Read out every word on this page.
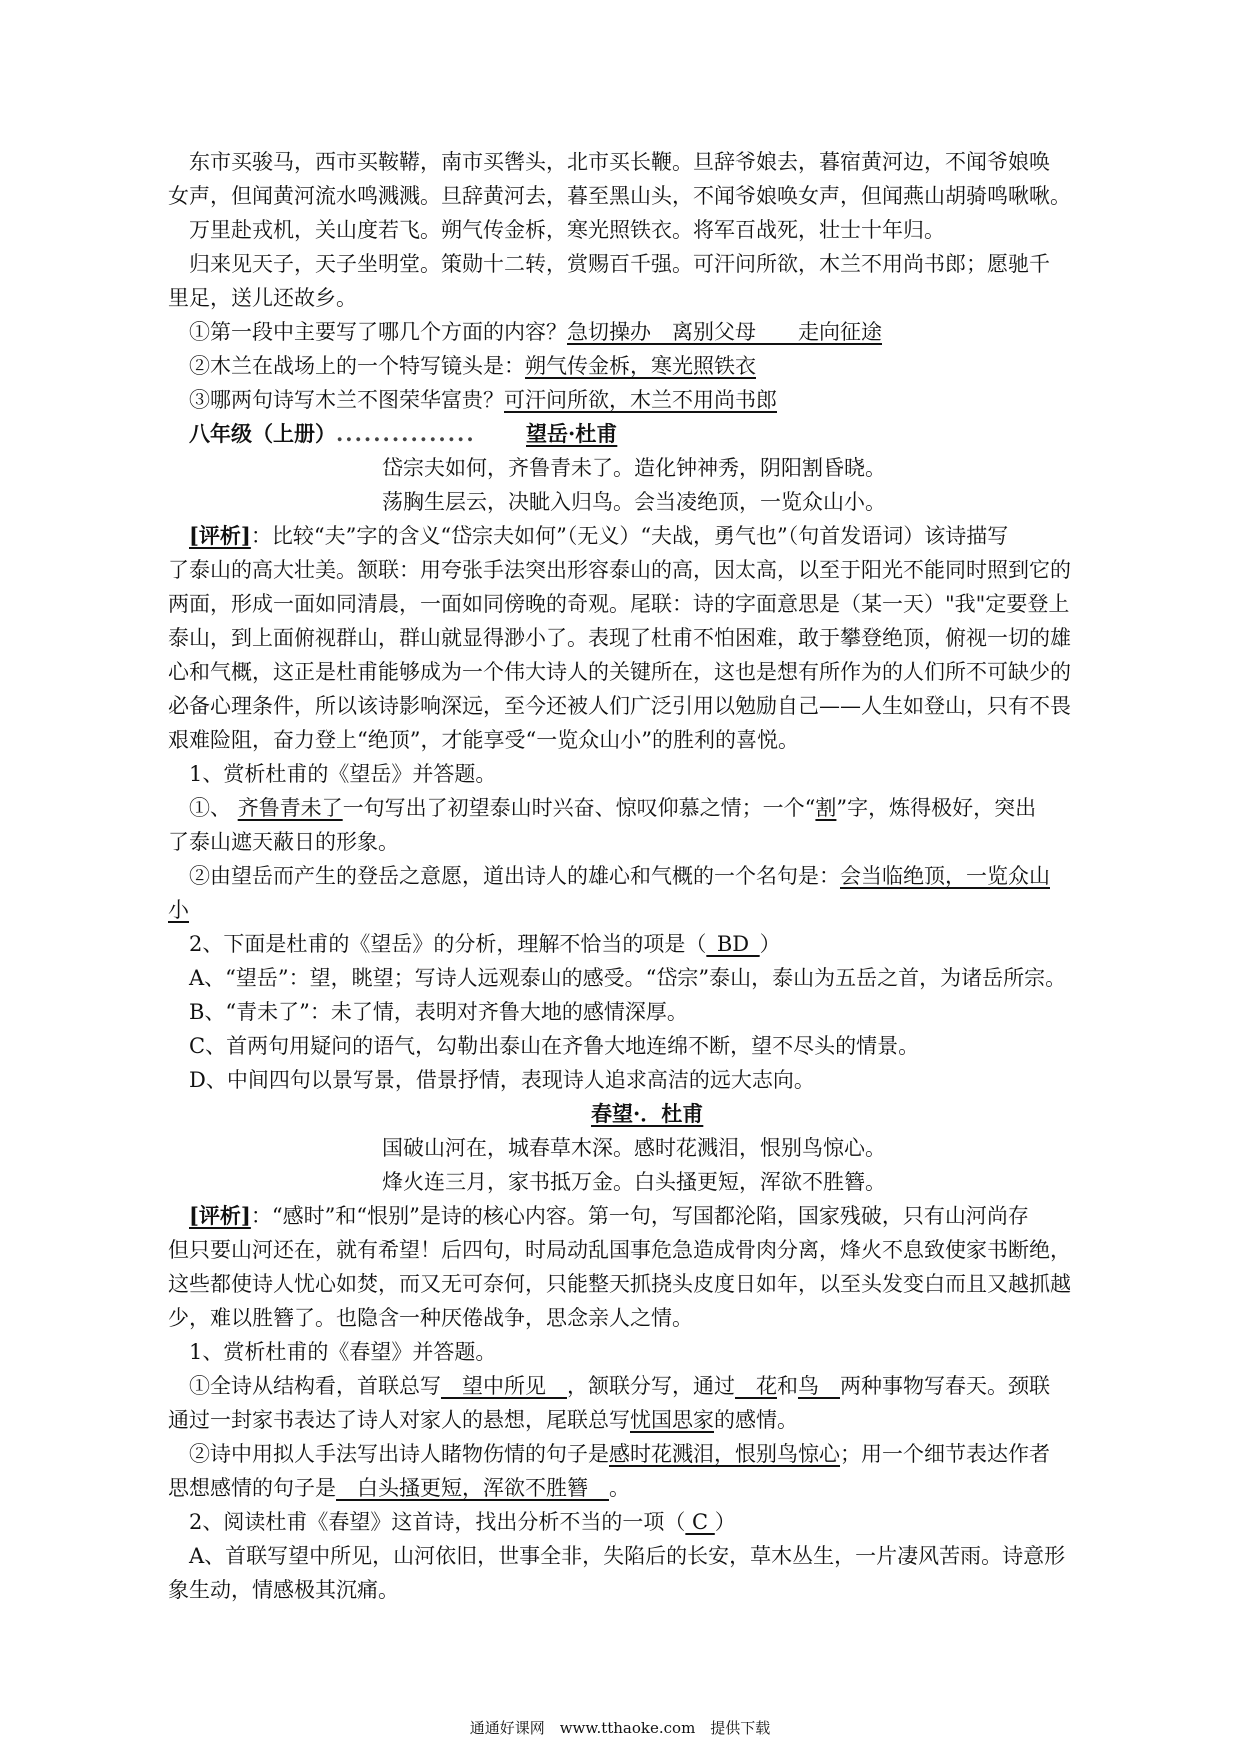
东市买骏马，西市买鞍鞯，南市买辔头，北市买长鞭。旦辞爷娘去，暮宿黄河边，不闻爷娘唤
女声，但闻黄河流水鸣溅溅。旦辞黄河去，暮至黑山头，不闻爷娘唤女声，但闻燕山胡骑鸣啾啾。
万里赴戎机，关山度若飞。朔气传金柝，寒光照铁衣。将军百战死，壮士十年归。
归来见天子，天子坐明堂。策勋十二转，赏赐百千强。可汗问所欲，木兰不用尚书郎；愿驰千
里足，送儿还故乡。
①第一段中主要写了哪几个方面的内容？急切操办　离别父母　　走向征途
②木兰在战场上的一个特写镜头是：朔气传金柝，寒光照铁衣
③哪两句诗写木兰不图荣华富贵？可汗问所欲，木兰不用尚书郎
八年级（上册）............... 望岳·杜甫
岱宗夫如何，齐鲁青未了。造化钟神秀，阴阳割昏晓。
荡胸生层云，决眦入归鸟。会当凌绝顶，一览众山小。
[评析]：比较“夫”字的含义“岱宗夫如何”（无义）“夫战，勇气也”（句首发语词）该诗描写
了泰山的高大壮美。颔联：用夸张手法突出形容泰山的高，因太高，以至于阳光不能同时照到它的
两面，形成一面如同清晨，一面如同傍晚的奇观。尾联：诗的字面意思是（某一天）"我"定要登上
泰山，到上面俯视群山，群山就显得渺小了。表现了杜甫不怕困难，敢于攀登绝顶，俯视一切的雄
心和气概，这正是杜甫能够成为一个伟大诗人的关键所在，这也是想有所作为的人们所不可缺少的
必备心理条件，所以该诗影响深远，至今还被人们广泛引用以勉励自己——人生如登山，只有不畏
艰难险阻，奋力登上“绝顶”，才能享受“一览众山小”的胜利的喜悦。
1、赏析杜甫的《望岳》并答题。
①、 齐鲁青未了一句写出了初望泰山时兴奋、惊叹仰慕之情；一个“割”字，炼得极好，突出
了泰山遮天蔽日的形象。
②由望岳而产生的登岳之意愿，道出诗人的雄心和气概的一个名句是：会当临绝顶，一览众山
小
2、下面是杜甫的《望岳》的分析，理解不恰当的项是（_BD_）
A、“望岳”：望，眺望；写诗人远观泰山的感受。“岱宗”泰山，泰山为五岳之首，为诸岳所宗。
B、“青未了”：未了情，表明对齐鲁大地的感情深厚。
C、首两句用疑问的语气，勾勒出泰山在齐鲁大地连绵不断，望不尽头的情景。
D、中间四句以景写景，借景抒情，表现诗人追求高洁的远大志向。
春望·．杜甫
国破山河在，城春草木深。感时花溅泪，恨别鸟惊心。
烽火连三月，家书抵万金。白头搔更短，浑欲不胜簪。
[评析]：“感时”和“恨别”是诗的核心内容。第一句，写国都沦陷，国家残破，只有山河尚存
但只要山河还在，就有希望！后四句，时局动乱国事危急造成骨肉分离，烽火不息致使家书断绝，
这些都使诗人忧心如焚，而又无可奈何，只能整天抓挠头皮度日如年，以至头发变白而且又越抓越
少，难以胜簪了。也隐含一种厌倦战争，思念亲人之情。
1、赏析杜甫的《春望》并答题。
①全诗从结构看，首联总写　望中所见　，颔联分写，通过　花和鸟　两种事物写春天。颈联
通过一封家书表达了诗人对家人的悬想，尾联总写忧国思家的感情。
②诗中用拟人手法写出诗人睹物伤情的句子是感时花溅泪，恨别鸟惊心；用一个细节表达作者
思想感情的句子是　白头搔更短，浑欲不胜簪　。
2、阅读杜甫《春望》这首诗，找出分析不当的一项（ C ）
A、首联写望中所见，山河依旧，世事全非，失陷后的长安，草木丛生，一片凄风苦雨。诗意形
象生动，情感极其沉痛。
通通好课网　www.tthaoke.com　提供下载
